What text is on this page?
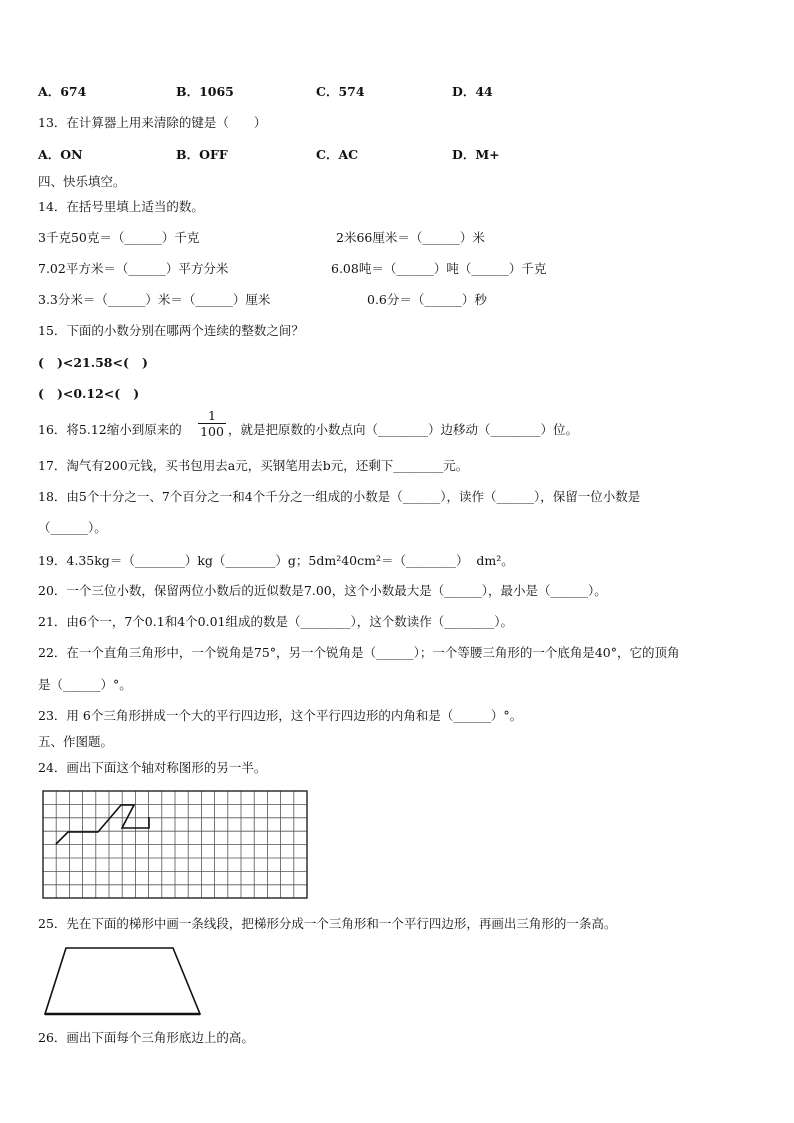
A．674	B．1065	C．574	D．44
13．在计算器上用来清除的键是（　　）
A．ON	B．OFF	C．AC	D．M+
四、快乐填空。
14．在括号里填上适当的数。
3千克50克＝（______）千克	2米66厘米＝（______）米
7.02平方米＝（______）平方分米	6.08吨＝（______）吨（______）千克
3.3分米＝（______）米＝（______）厘米	0.6分＝（______）秒
15．下面的小数分别在哪两个连续的整数之间？
(   )<21.58<(   )
(   )<0.12<(   )
16．将5.12缩小到原来的 $\frac{1}{100}$ ，就是把原数的小数点向（________）边移动（________）位。
17．淘气有200元钱，买书包用去a元，买钢笔用去b元，还剩下________元。
18．由5个十分之一、7个百分之一和4个千分之一组成的小数是（______），读作（______），保留一位小数是
（______）。
19．4.35kg＝（________）kg（________）g；5dm²40cm²＝（________）  dm²。
20．一个三位小数，保留两位小数后的近似数是7.00，这个小数最大是（______），最小是（______）。
21．由6个一，7个0.1和4个0.01组成的数是（________），这个数读作（________）。
22．在一个直角三角形中，一个锐角是75°，另一个锐角是（______）；一个等腰三角形的一个底角是40°，它的顶角
是（______）°。
23．用 6个三角形拼成一个大的平行四边形，这个平行四边形的内角和是（______）°。
五、作图题。
24．画出下面这个轴对称图形的另一半。
25．先在下面的梯形中画一条线段，把梯形分成一个三角形和一个平行四边形，再画出三角形的一条高。
26．画出下面每个三角形底边上的高。
